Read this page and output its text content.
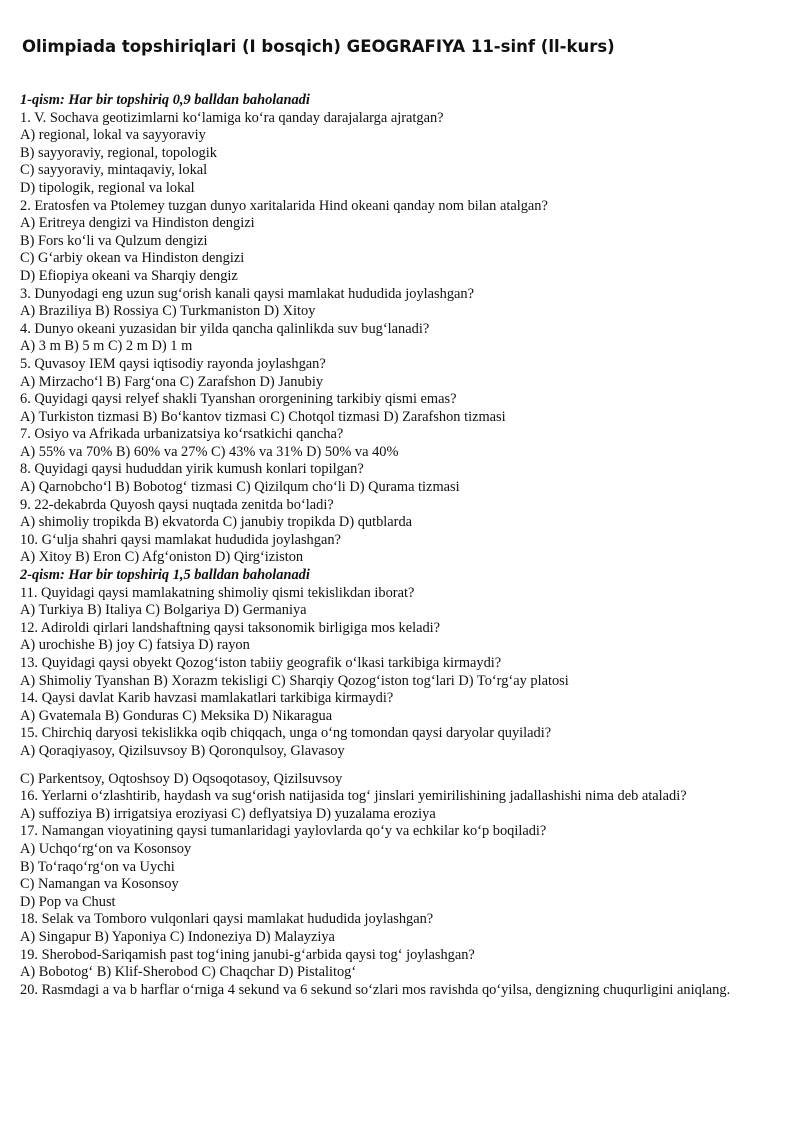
Olimpiada topshiriqlari (I bosqich) GEOGRAFIYA 11-sinf (ll-kurs)
1-qism: Har bir topshiriq 0,9 balldan baholanadi
1. V. Sochava geotizimlarni ko‘lamiga ko‘ra qanday darajalarga ajratgan?
A) regional, lokal va sayyoraviy
B) sayyoraviy, regional, topologik
C) sayyoraviy, mintaqaviy, lokal
D) tipologik, regional va lokal
2. Eratosfen va Ptolemey tuzgan dunyo xaritalarida Hind okeani qanday nom bilan atalgan?
A) Eritreya dengizi va Hindiston dengizi
B) Fors ko‘li va Qulzum dengizi
C) G‘arbiy okean va Hindiston dengizi
D) Efiopiya okeani va Sharqiy dengiz
3. Dunyodagi eng uzun sug‘orish kanali qaysi mamlakat hududida joylashgan?
A) Braziliya B) Rossiya C) Turkmaniston D) Xitoy
4. Dunyo okeani yuzasidan bir yilda qancha qalinlikda suv bug‘lanadi?
A) 3 m B) 5 m C) 2 m D) 1 m
5. Quvasoy IEM qaysi iqtisodiy rayonda joylashgan?
A) Mirzacho‘l B) Farg‘ona C) Zarafshon D) Janubiy
6. Quyidagi qaysi relyef shakli Tyanshan ororgenining tarkibiy qismi emas?
A) Turkiston tizmasi B) Bo‘kantov tizmasi C) Chotqol tizmasi D) Zarafshon tizmasi
7. Osiyo va Afrikada urbanizatsiya ko‘rsatkichi qancha?
A) 55% va 70% B) 60% va 27% C) 43% va 31% D) 50% va 40%
8. Quyidagi qaysi hududdan yirik kumush konlari topilgan?
A) Qarnobcho‘l B) Bobotog‘ tizmasi C) Qizilqum cho‘li D) Qurama tizmasi
9. 22-dekabrda Quyosh qaysi nuqtada zenitda bo‘ladi?
A) shimoliy tropikda B) ekvatorda C) janubiy tropikda D) qutblarda
10. G‘ulja shahri qaysi mamlakat hududida joylashgan?
A) Xitoy B) Eron C) Afg‘oniston D) Qirg‘iziston
2-qism: Har bir topshiriq 1,5 balldan baholanadi
11. Quyidagi qaysi mamlakatning shimoliy qismi tekislikdan iborat?
A) Turkiya B) Italiya C) Bolgariya D) Germaniya
12. Adiroldi qirlari landshaftning qaysi taksonomik birligiga mos keladi?
A) urochishe B) joy C) fatsiya D) rayon
13. Quyidagi qaysi obyekt Qozog‘iston tabiiy geografik o‘lkasi tarkibiga kirmaydi?
A) Shimoliy Tyanshan B) Xorazm tekisligi C) Sharqiy Qozog‘iston tog‘lari D) To‘rg‘ay platosi
14. Qaysi davlat Karib havzasi mamlakatlari tarkibiga kirmaydi?
A) Gvatemala B) Gonduras C) Meksika D) Nikaragua
15. Chirchiq daryosi tekislikka oqib chiqqach, unga o‘ng tomondan qaysi daryolar quyiladi?
A) Qoraqiyasoy, Qizilsuvsoy B) Qoronqulsoy, Glavasoy
C) Parkentsoy, Oqtoshsoy D) Oqsoqotasoy, Qizilsuvsoy
16. Yerlarni o‘zlashtirib, haydash va sug‘orish natijasida tog‘ jinslari yemirilishining jadallashishi nima deb ataladi?
A) suffoziya B) irrigatsiya eroziyasi C) deflyatsiya D) yuzalama eroziya
17. Namangan vioyatining qaysi tumanlaridagi yaylovlarda qo‘y va echkilar ko‘p boqiladi?
A) Uchqo‘rg‘on va Kosonsoy
B) To‘raqo‘rg‘on va Uychi
C) Namangan va Kosonsoy
D) Pop va Chust
18. Selak va Tomboro vulqonlari qaysi mamlakat hududida joylashgan?
A) Singapur B) Yaponiya C) Indoneziya D) Malayziya
19. Sherobod-Sariqamish past tog‘ining janubi-g‘arbida qaysi tog‘ joylashgan?
A) Bobotog‘ B) Klif-Sherobod C) Chaqchar D) Pistalitog‘
20. Rasmdagi a va b harflar o‘rniga 4 sekund va 6 sekund so‘zlari mos ravishda qo‘yilsa, dengizning chuqurligini aniqlang.
